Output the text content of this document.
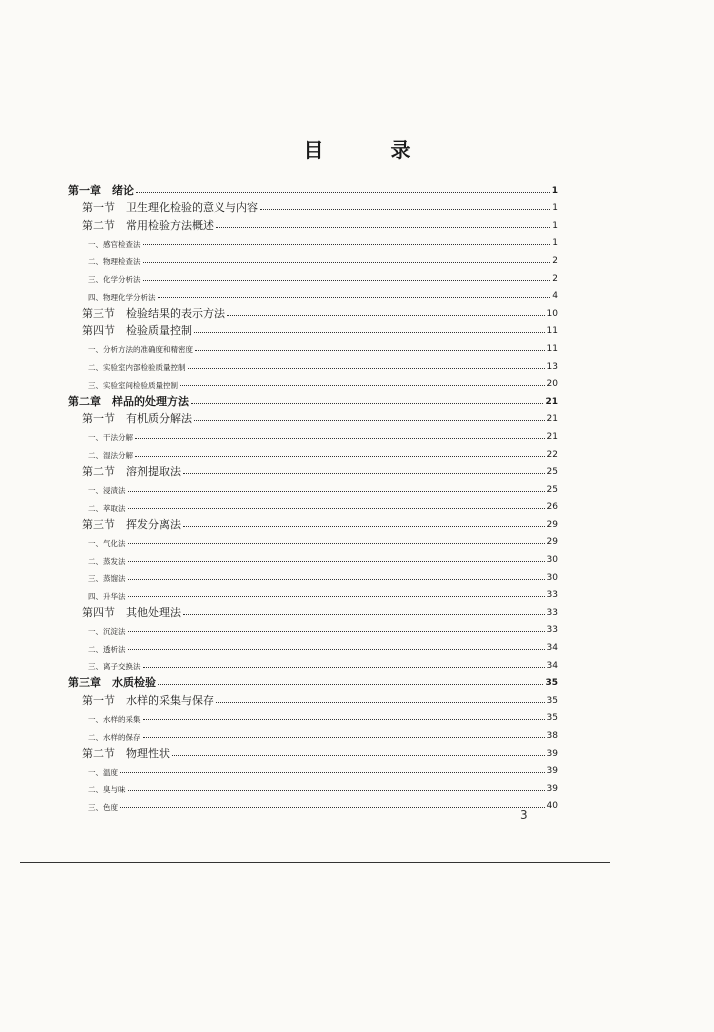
目 录
第一章　绪论	1
第一节　卫生理化检验的意义与内容	1
第二节　常用检验方法概述	1
一、感官检查法	1
二、物理检查法	2
三、化学分析法	2
四、物理化学分析法	4
第三节　检验结果的表示方法	10
第四节　检验质量控制	11
一、分析方法的准确度和精密度	11
二、实验室内部检验质量控制	13
三、实验室间检验质量控制	20
第二章　样品的处理方法	21
第一节　有机质分解法	21
一、干法分解	21
二、湿法分解	22
第二节　溶剂提取法	25
一、浸渍法	25
二、萃取法	26
第三节　挥发分离法	29
一、气化法	29
二、蒸发法	30
三、蒸馏法	30
四、升华法	33
第四节　其他处理法	33
一、沉淀法	33
二、透析法	34
三、离子交换法	34
第三章　水质检验	35
第一节　水样的采集与保存	35
一、水样的采集	35
二、水样的保存	38
第二节　物理性状	39
一、温度	39
二、臭与味	39
三、色度	40
3
